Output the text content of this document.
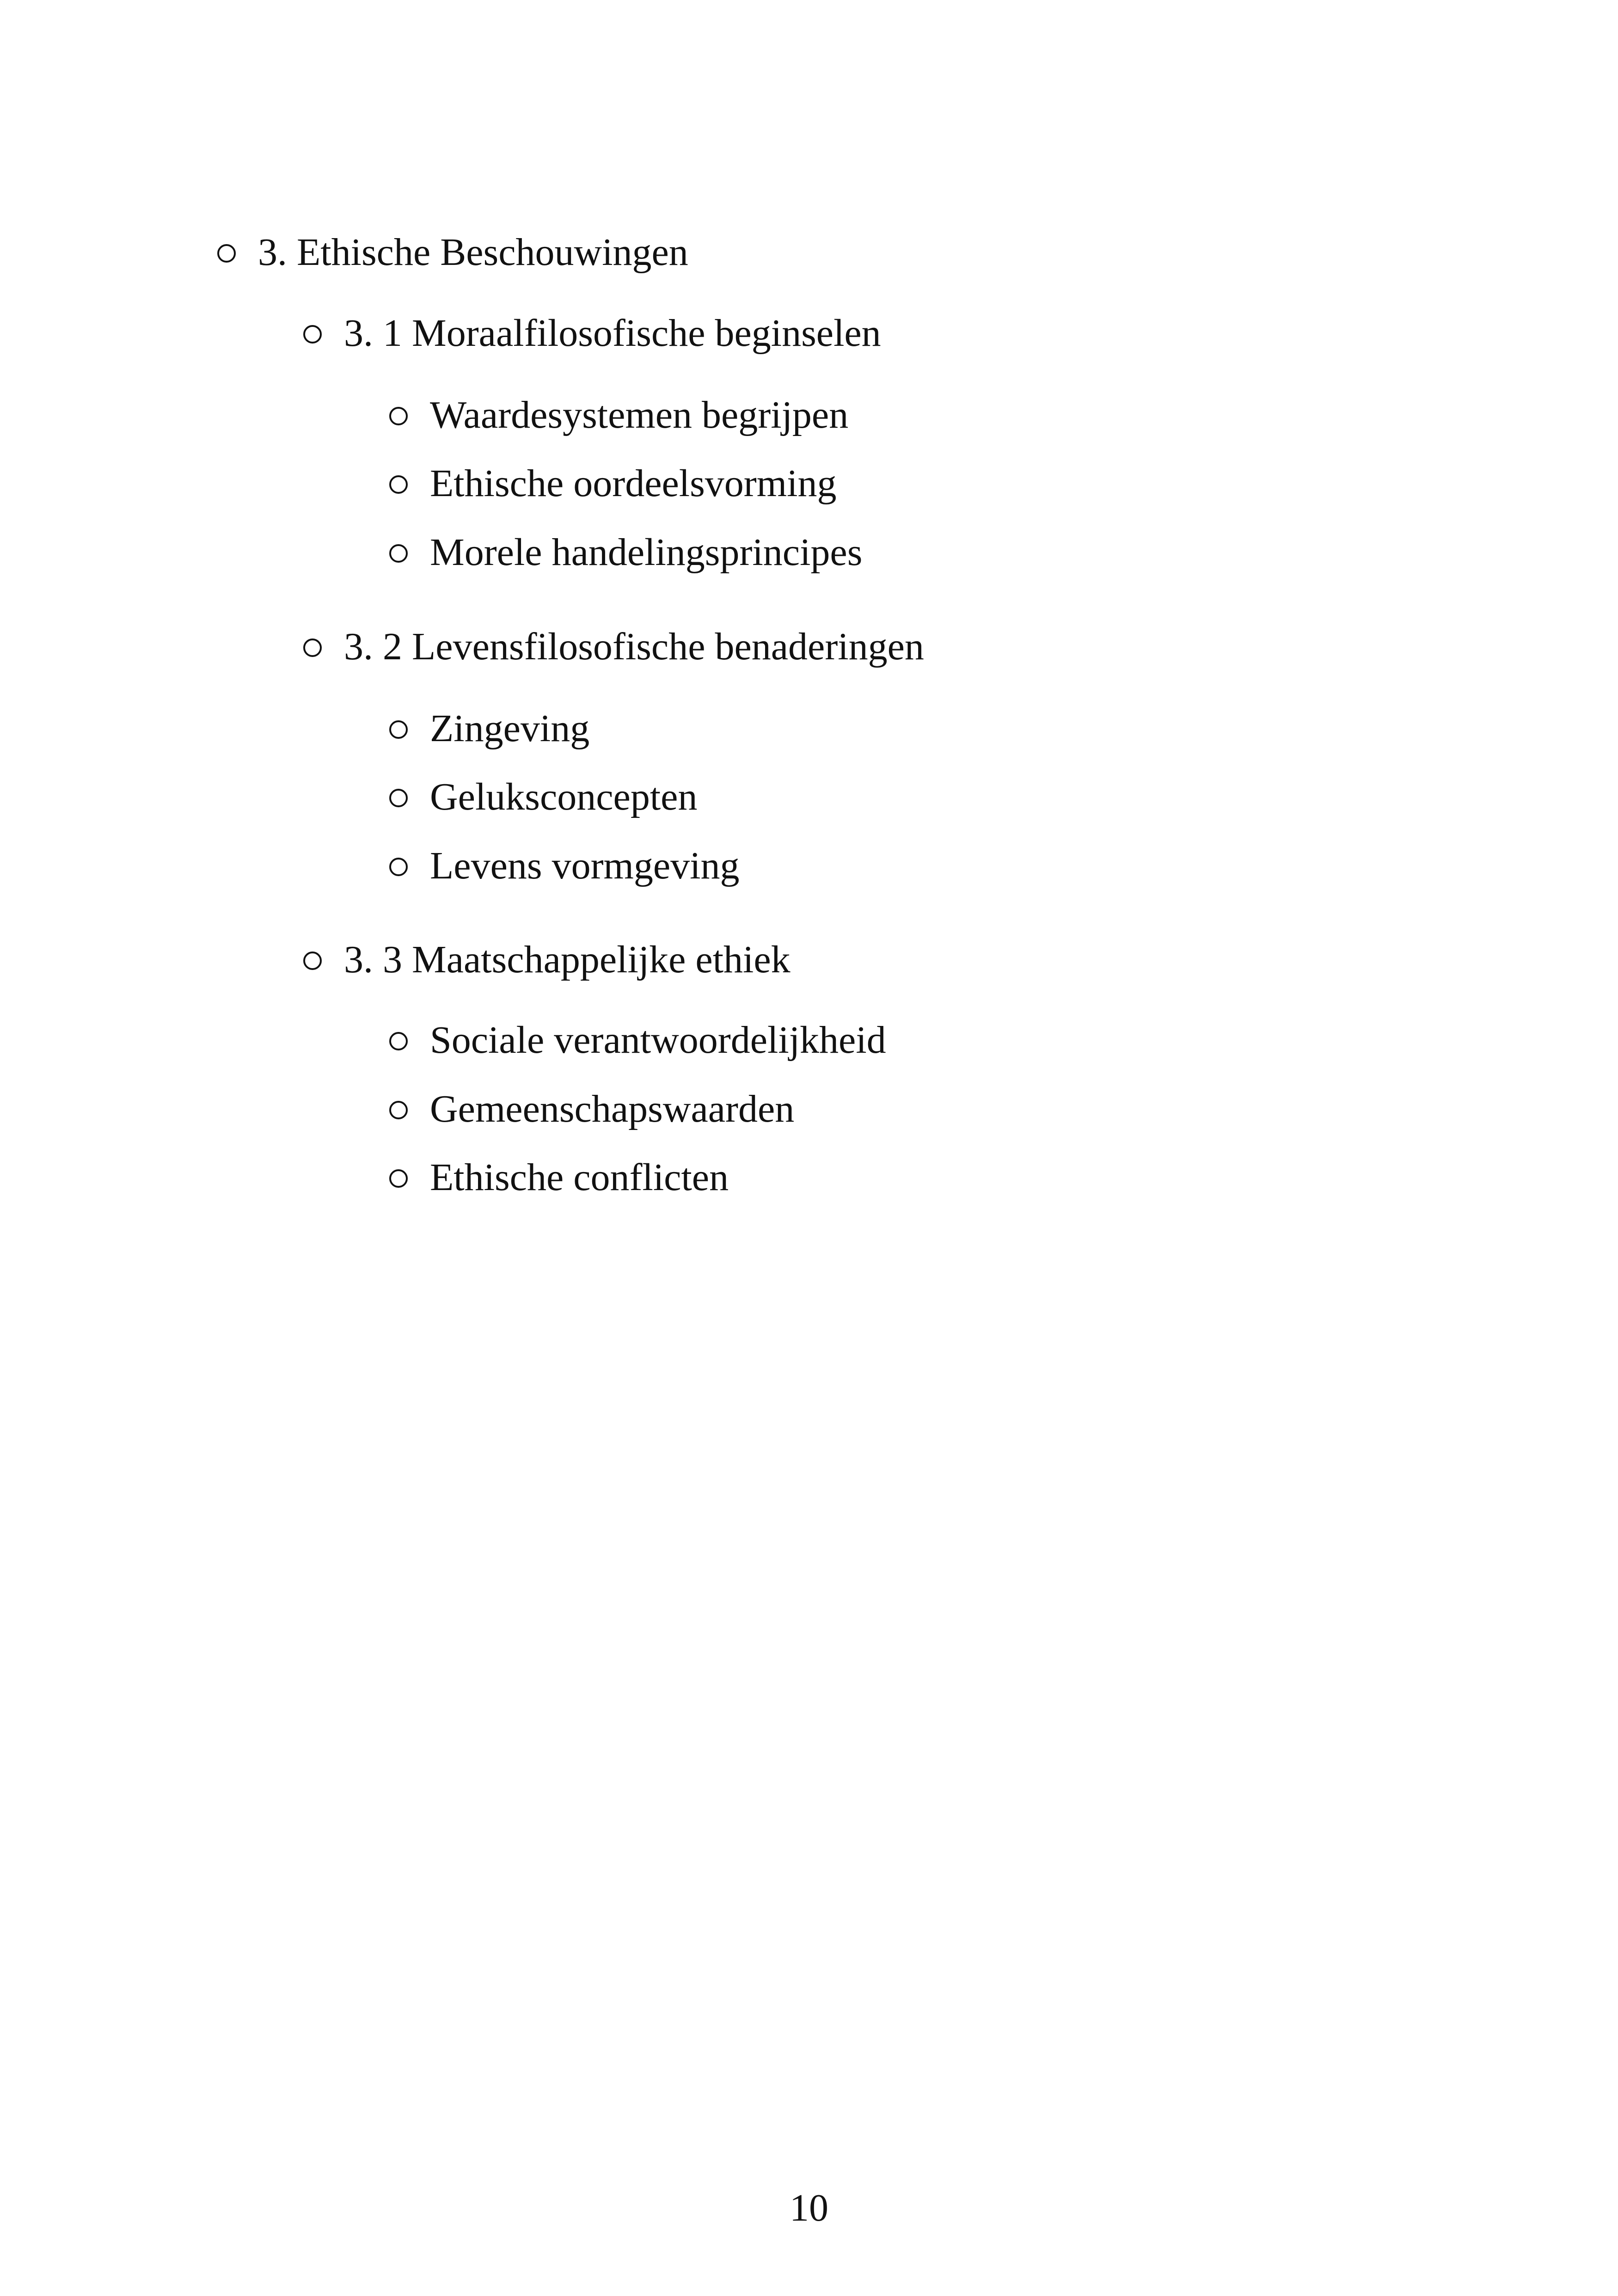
3. Ethische Beschouwingen
3. 1 Moraalfilosofische beginselen
Waardesystemen begrijpen
Ethische oordeelsvorming
Morele handelingsprincipes
3. 2 Levensfilosofische benaderingen
Zingeving
Geluksconcepten
Levens vormgeving
3. 3 Maatschappelijke ethiek
Sociale verantwoordelijkheid
Gemeenschapswaarden
Ethische conflicten
10
